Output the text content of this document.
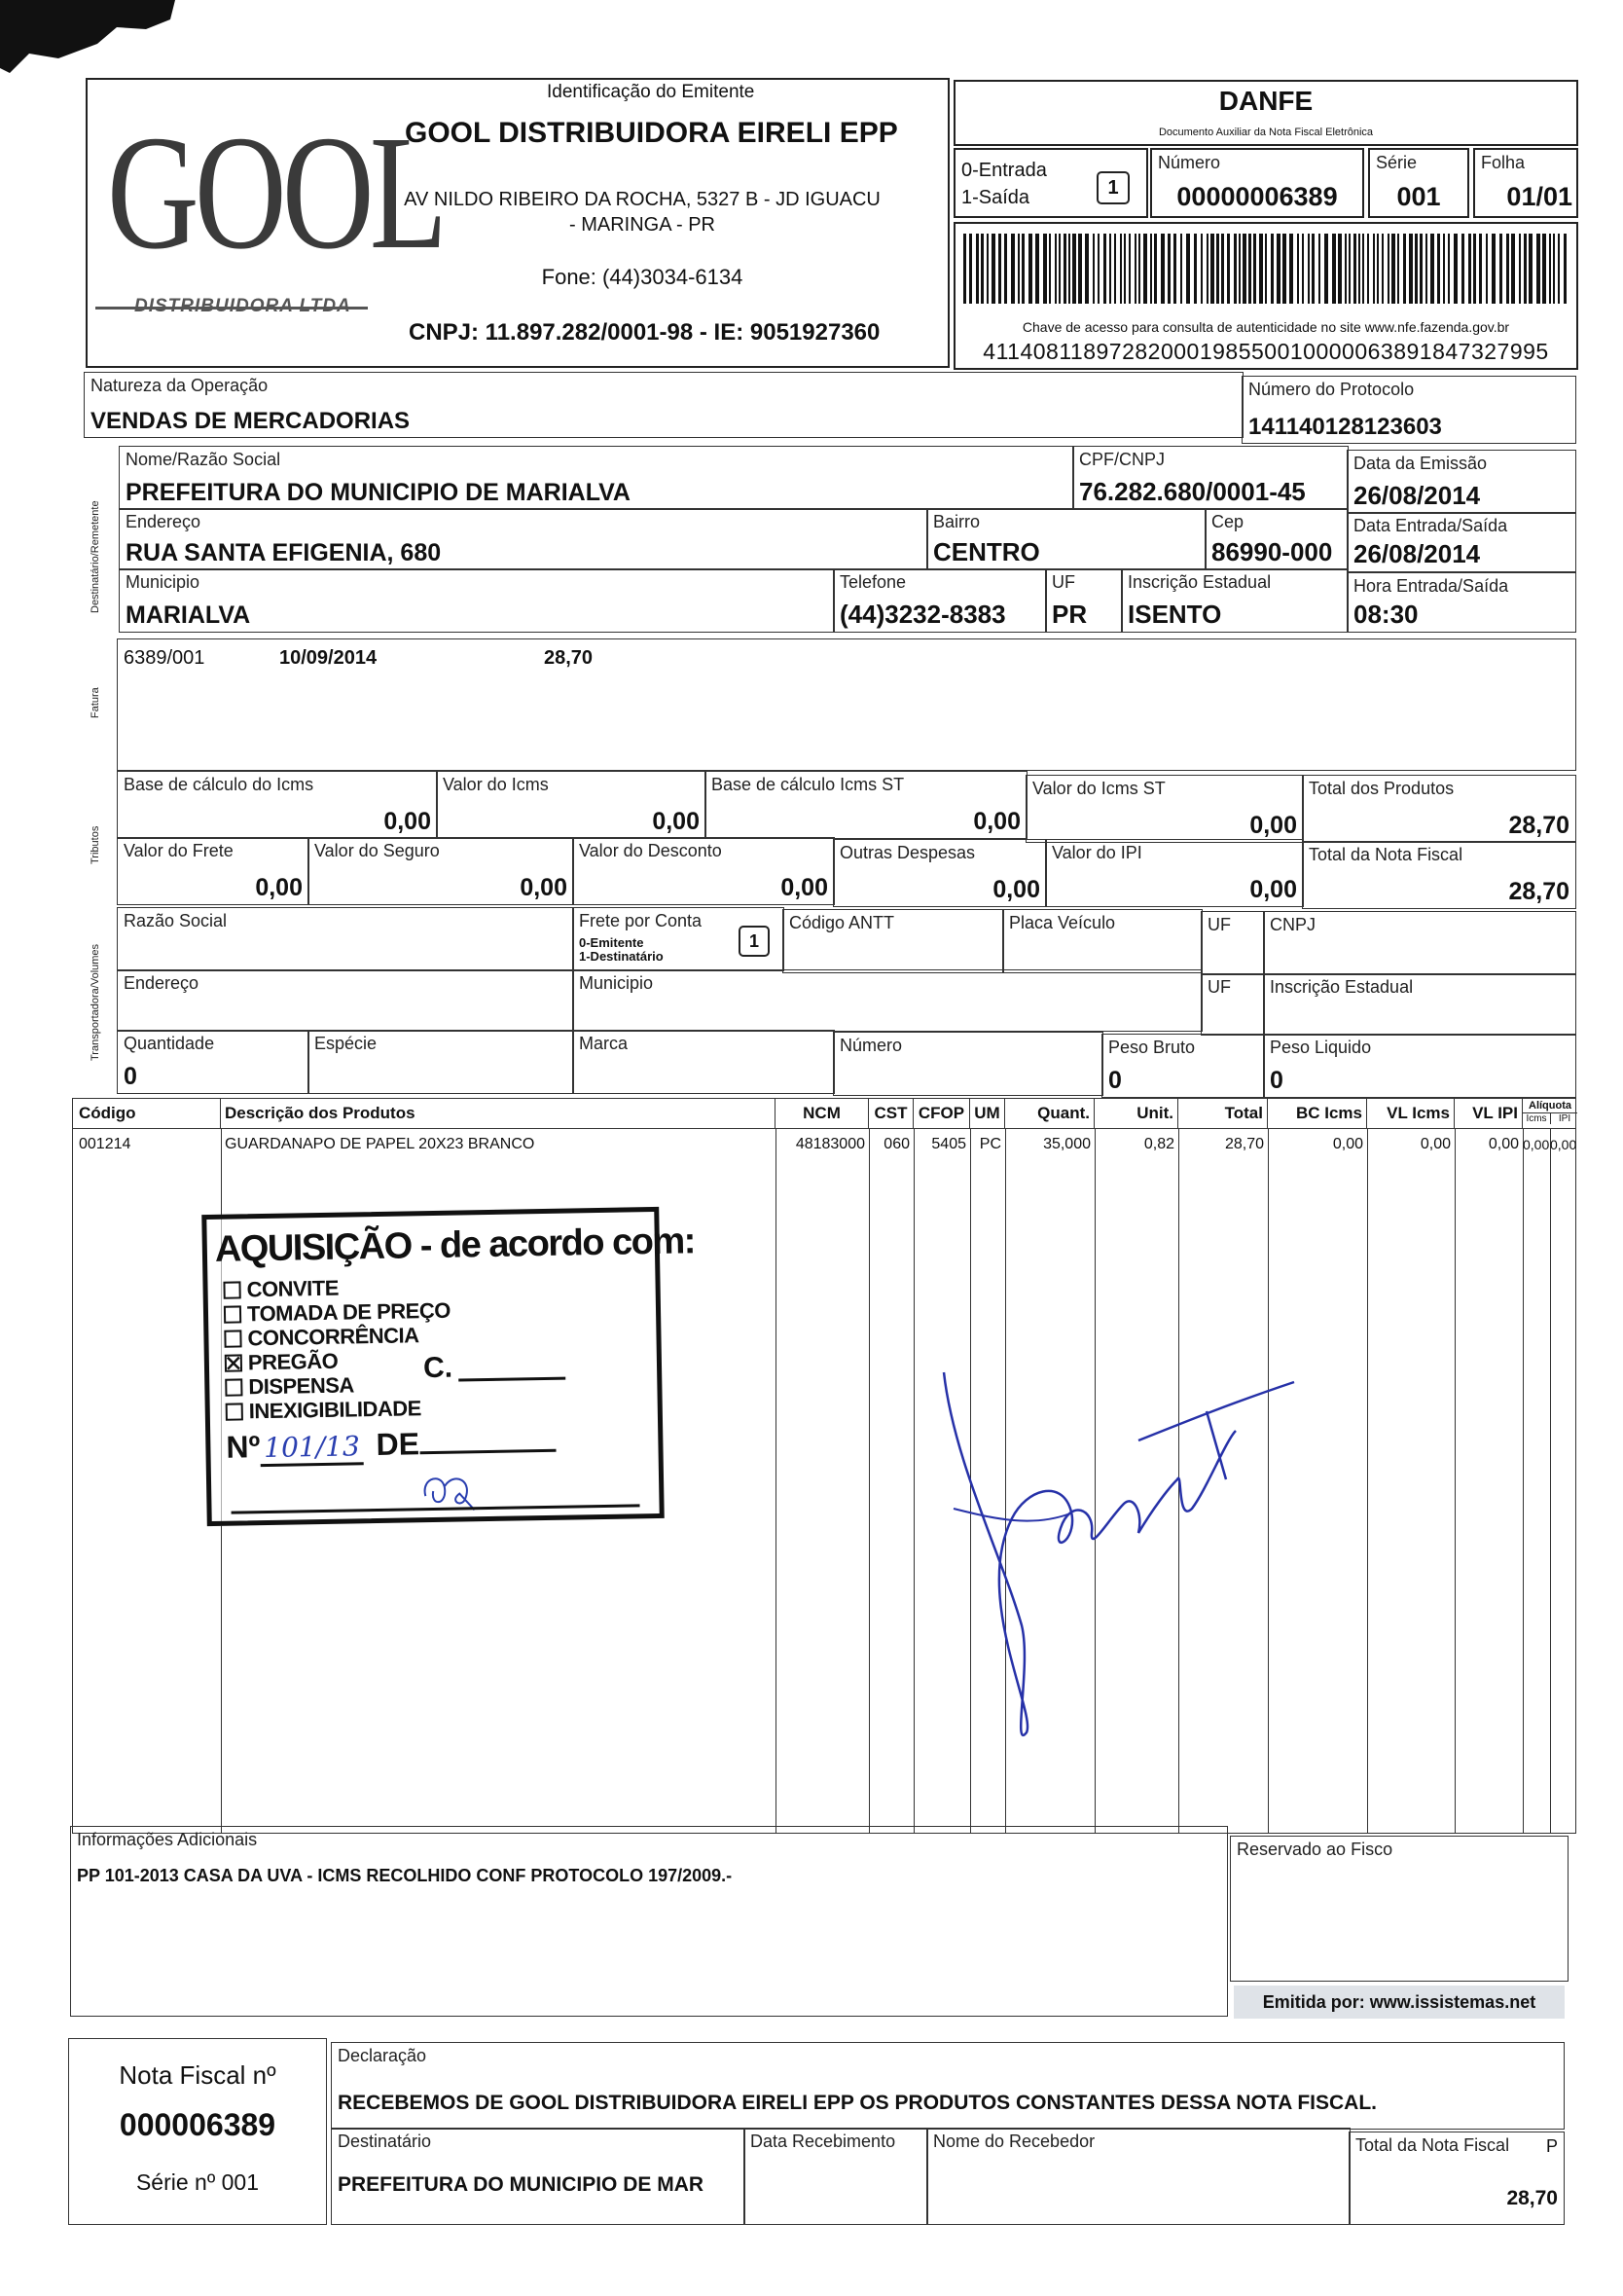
Identificação do Emitente
GOOL
GOOL DISTRIBUIDORA EIRELI EPP
AV NILDO RIBEIRO DA ROCHA, 5327 B - JD IGUACU
- MARINGA - PR
Fone: (44)3034-6134
CNPJ: 11.897.282/0001-98 - IE: 9051927360
DANFE
Documento Auxiliar da Nota Fiscal Eletrônica
0-Entrada
1-Saída	1
Número
00000006389
Série
001
Folha
01/01
Chave de acesso para consulta de autenticidade no site www.nfe.fazenda.gov.br
41140811897282000198550010000063891847327995
Natureza da Operação
VENDAS DE MERCADORIAS
Número do Protocolo
141140128123603
Destinatário/Remetente
Nome/Razão Social
PREFEITURA DO MUNICIPIO DE MARIALVA
CPF/CNPJ
76.282.680/0001-45
Data da Emissão
26/08/2014
Endereço
RUA SANTA EFIGENIA, 680
Bairro
CENTRO
Cep
86990-000
Data Entrada/Saída
26/08/2014
Municipio
MARIALVA
Telefone
(44)3232-8383
UF
PR
Inscrição Estadual
ISENTO
Hora Entrada/Saída
08:30
Fatura
6389/001	10/09/2014	28,70
Tributos
Base de cálculo do Icms
0,00
Valor do Icms
0,00
Base de cálculo Icms ST
0,00
Valor do Icms ST
0,00
Total dos Produtos
28,70
Valor do Frete
0,00
Valor do Seguro
0,00
Valor do Desconto
0,00
Outras Despesas
0,00
Valor do IPI
0,00
Total da Nota Fiscal
28,70
Transportadora/Volumes
Razão Social	Frete por Conta
0-Emitente
1-Destinatário
1
Código ANTT	Placa Veículo	UF CNPJ
Endereço	Municipio	UF Inscrição Estadual
Quantidade
0
Espécie	Marca	Número	Peso Bruto
0
Peso Liquido
0
Código	Descrição dos Produtos	NCM	CST CFOP UM	Quant.	Unit.	Total	BC Icms	VL Icms	VL IPI	Alíquota
Icms	IPI
001214	GUARDANAPO DE PAPEL 20X23 BRANCO	48183000	060	5405 PC	35,000	0,82	28,70	0,00	0,00	0,00 0,00 0,00
AQUISIÇÃO - de acordo com:
CONVITE
TOMADA DE PREÇO
CONCORRÊNCIA
PREGÃO
DISPENSA
INEXIGIBILIDADE
C.
Nº 101/13 DE
Informações Adicionais
PP 101-2013 CASA DA UVA - ICMS RECOLHIDO CONF PROTOCOLO 197/2009.-
Reservado ao Fisco
Emitida por: www.issistemas.net
Nota Fiscal nº
000006389
Série nº 001
Declaração
RECEBEMOS DE GOOL DISTRIBUIDORA EIRELI EPP OS PRODUTOS CONSTANTES DESSA NOTA FISCAL.
Destinatário
PREFEITURA DO MUNICIPIO DE MAR
Data Recebimento Nome do Recebedor	Total da Nota Fiscal P
28,70
